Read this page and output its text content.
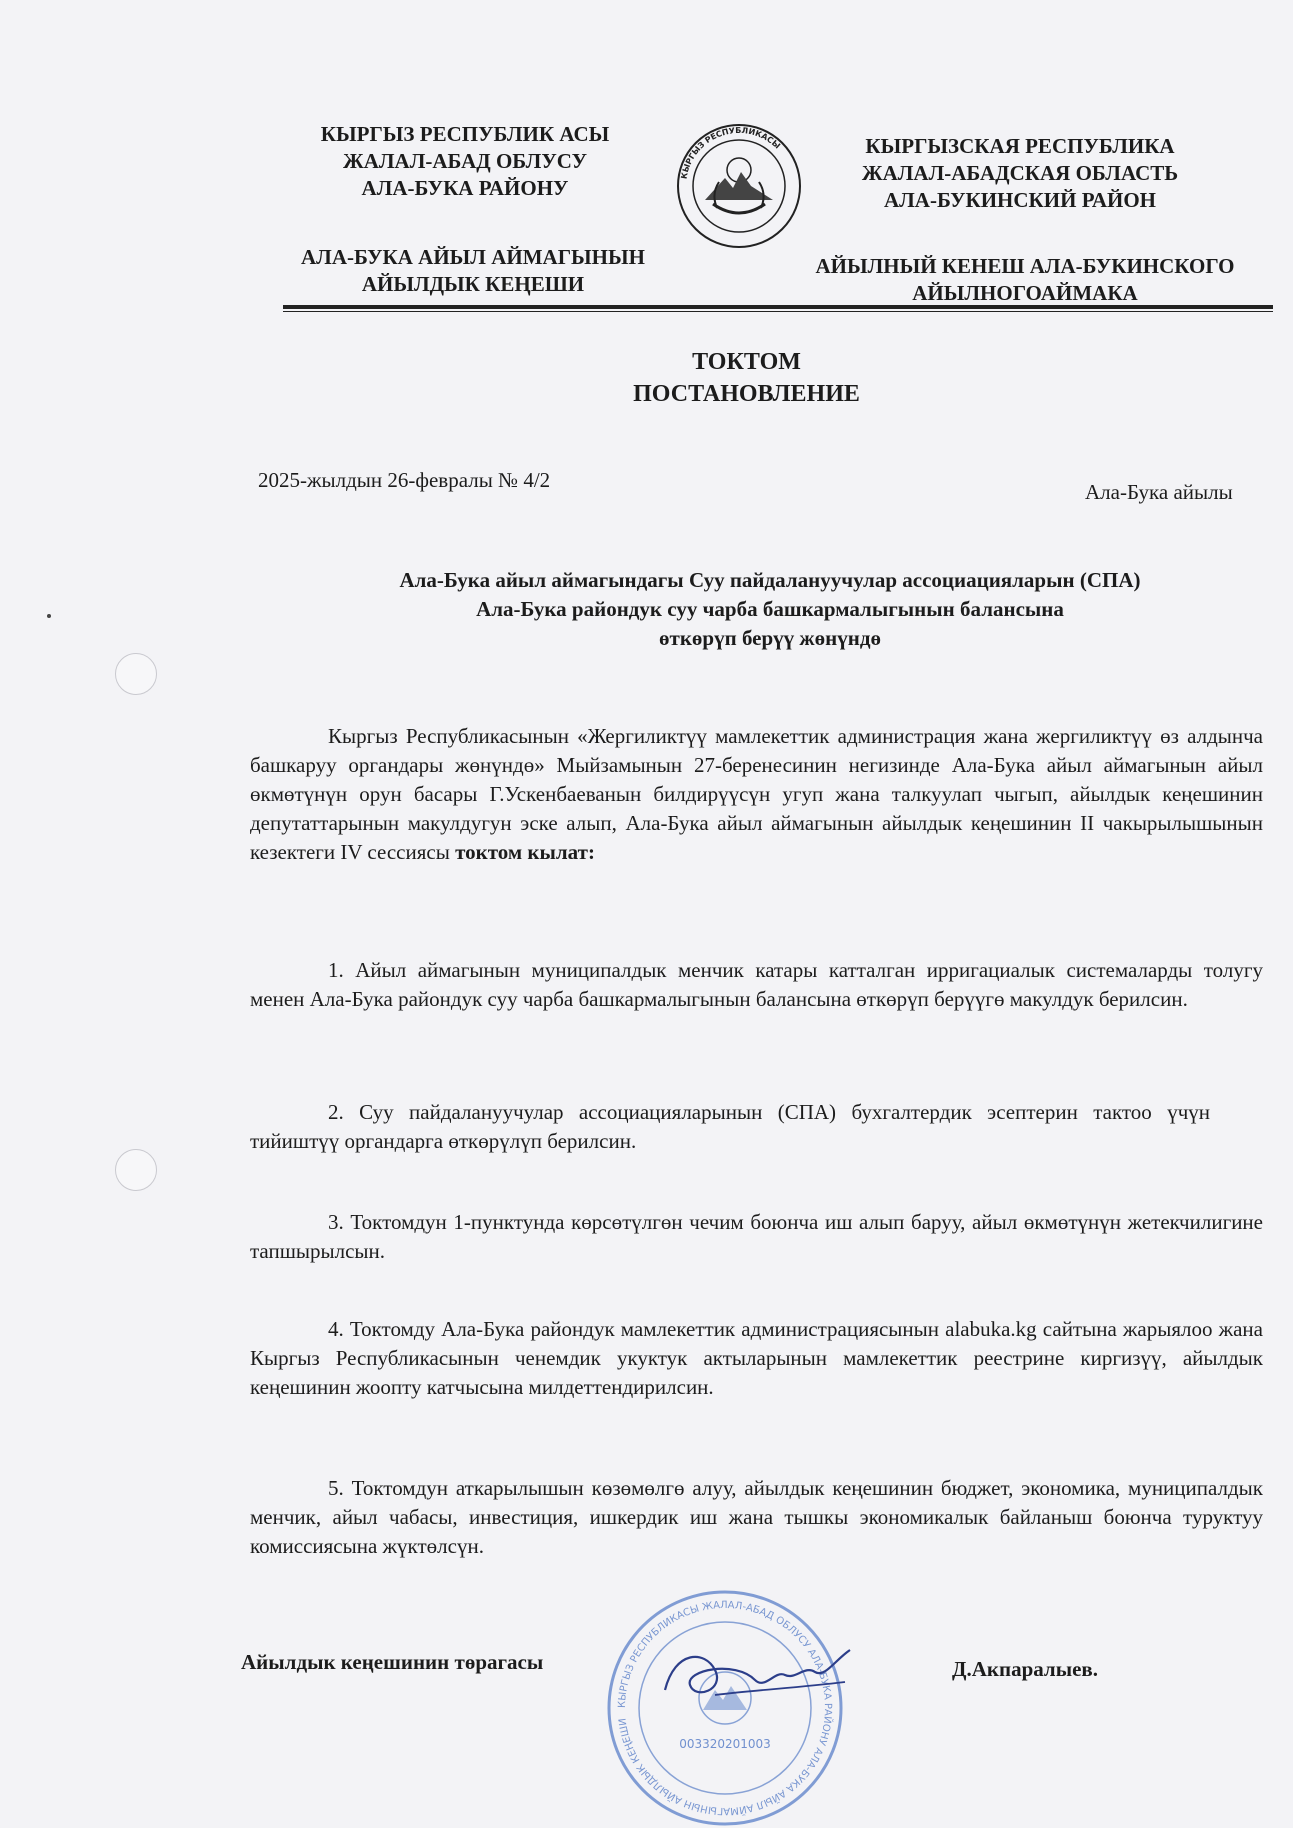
КЫРГЫЗ РЕСПУБЛИК АСЫ
ЖАЛАЛ-АБАД ОБЛУСУ
АЛА-БУКА РАЙОНУ
КЫРГЫЗ РЕСПУБЛИКАСЫ	КЫРГЫЗСКАЯ РЕСПУБЛИКА
ЖАЛАЛ-АБАДСКАЯ ОБЛАСТЬ
АЛА-БУКИНСКИЙ РАЙОН
АЛА-БУКА АЙЫЛ АЙМАГЫНЫН
АЙЫЛДЫК КЕҢЕШИ
АЙЫЛНЫЙ КЕНЕШ АЛА-БУКИНСКОГО
АЙЫЛНОГОАЙМАКА
ТОКТОМ
ПОСТАНОВЛЕНИЕ
2025-жылдын 26-февралы № 4/2	Ала-Бука айылы
Ала-Бука айыл аймагындагы Суу пайдалануучулар ассоциацияларын (СПА)
Ала-Бука райондук суу чарба башкармалыгынын балансына
өткөрүп берүү жөнүндө
Кыргыз Республикасынын «Жергиликтүү мамлекеттик администрация жана жергиликтүү өз алдынча башкаруу органдары жөнүндө» Мыйзамынын 27-беренесинин негизинде Ала-Бука айыл аймагынын айыл өкмөтүнүн орун басары Г.Ускенбаеванын билдирүүсүн угуп жана талкуулап чыгып, айылдык кеңешинин депутаттарынын макулдугун эске алып, Ала-Бука айыл аймагынын айылдык кеңешинин II чакырылышынын кезектеги IV сессиясы токтом кылат:
1. Айыл аймагынын муниципалдык менчик катары катталган ирригациалык системаларды толугу менен Ала-Бука райондук суу чарба башкармалыгынын балансына өткөрүп берүүгө макулдук берилсин.
2. Суу пайдалануучулар ассоциацияларынын (СПА) бухгалтердик эсептерин тактоо үчүн тийиштүү органдарга өткөрүлүп берилсин.
3. Токтомдун 1-пунктунда көрсөтүлгөн чечим боюнча иш алып баруу, айыл өкмөтүнүн жетекчилигине тапшырылсын.
4. Токтомду Ала-Бука райондук мамлекеттик администрациясынын alabuka.kg сайтына жарыялоо жана Кыргыз Республикасынын ченемдик укуктук актыларынын мамлекеттик реестрине киргизүү, айылдык кеңешинин жоопту катчысына милдеттендирилсин.
5. Токтомдун аткарылышын көзөмөлгө алуу, айылдык кеңешинин бюджет, экономика, муниципалдык менчик, айыл чабасы, инвестиция, ишкердик иш жана тышкы экономикалык байланыш боюнча туруктуу комиссиясына жүктөлсүн.
КЫРГЫЗ РЕСПУБЛИКАСЫ ЖАЛАЛ-АБАД ОБЛУСУ АЛА-БУКА РАЙОНУ АЛА-БУКА АЙЫЛ АЙМАГЫНЫН АЙЫЛДЫК КЕҢЕШИ
003320201003
Айылдык кеңешинин төрагасы	Д.Акпаралыев.
